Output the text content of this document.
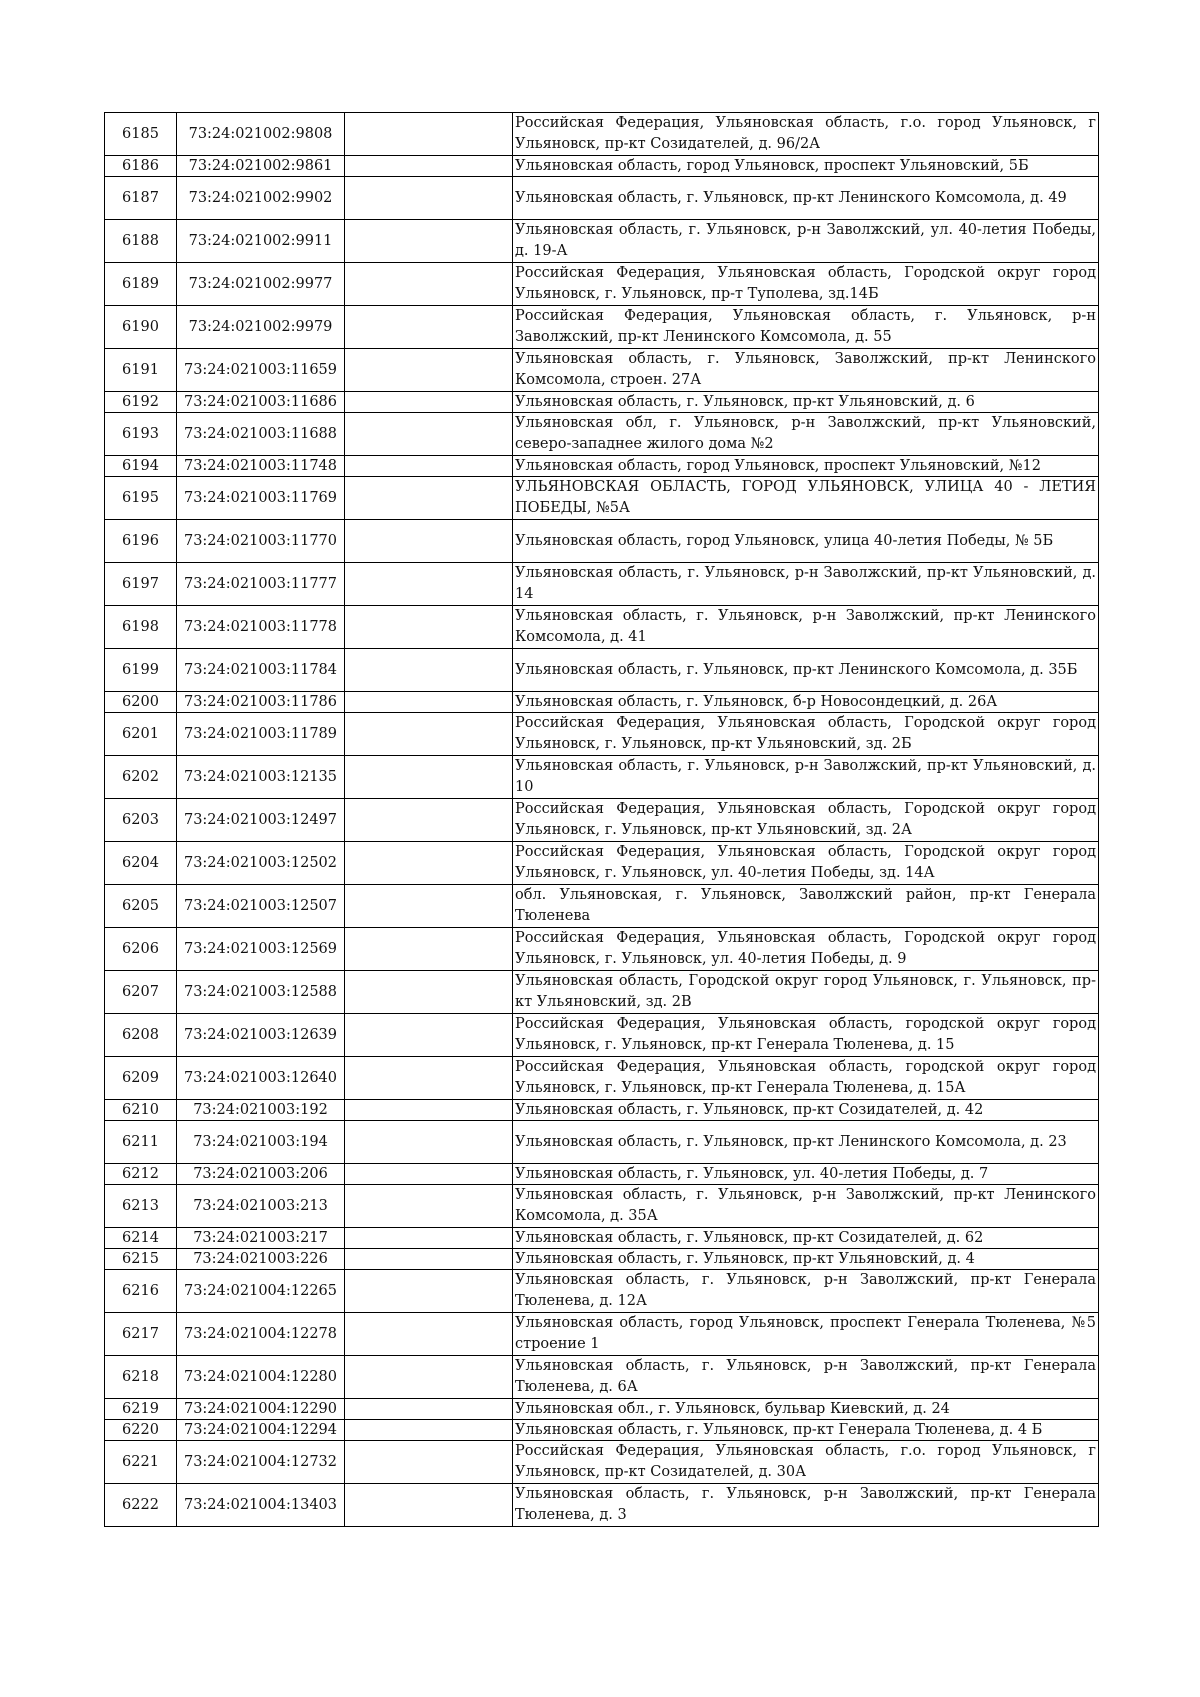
6185	73:24:021002:9808		Российская Федерация, Ульяновская область, г.о. город Ульяновск, г Ульяновск, пр-кт Созидателей, д. 96/2А
6186	73:24:021002:9861		Ульяновская область, город Ульяновск, проспект Ульяновский, 5Б
6187	73:24:021002:9902		Ульяновская область, г. Ульяновск, пр-кт Ленинского Комсомола, д. 49
6188	73:24:021002:9911		Ульяновская область, г. Ульяновск, р-н Заволжский, ул. 40-летия Победы, д. 19-А
6189	73:24:021002:9977		Российская Федерация, Ульяновская область, Городской округ город Ульяновск, г. Ульяновск, пр-т Туполева, зд.14Б
6190	73:24:021002:9979		Российская Федерация, Ульяновская область, г. Ульяновск, р-н Заволжский, пр-кт Ленинского Комсомола, д. 55
6191	73:24:021003:11659		Ульяновская область, г. Ульяновск, Заволжский, пр-кт Ленинского Комсомола, строен. 27А
6192	73:24:021003:11686		Ульяновская область, г. Ульяновск, пр-кт Ульяновский, д. 6
6193	73:24:021003:11688		Ульяновская обл, г. Ульяновск, р-н Заволжский, пр-кт Ульяновский, северо-западнее жилого дома №2
6194	73:24:021003:11748		Ульяновская область, город Ульяновск, проспект Ульяновский, №12
6195	73:24:021003:11769		УЛЬЯНОВСКАЯ ОБЛАСТЬ, ГОРОД УЛЬЯНОВСК, УЛИЦА 40 - ЛЕТИЯ ПОБЕДЫ, №5А
6196	73:24:021003:11770		Ульяновская область, город Ульяновск, улица 40-летия Победы, № 5Б
6197	73:24:021003:11777		Ульяновская область, г. Ульяновск, р-н Заволжский, пр-кт Ульяновский, д. 14
6198	73:24:021003:11778		Ульяновская область, г. Ульяновск, р-н Заволжский, пр-кт Ленинского Комсомола, д. 41
6199	73:24:021003:11784		Ульяновская область, г. Ульяновск, пр-кт Ленинского Комсомола, д. 35Б
6200	73:24:021003:11786		Ульяновская область, г. Ульяновск, б-р Новосондецкий, д. 26А
6201	73:24:021003:11789		Российская Федерация, Ульяновская область, Городской округ город Ульяновск, г. Ульяновск, пр-кт Ульяновский, зд. 2Б
6202	73:24:021003:12135		Ульяновская область, г. Ульяновск, р-н Заволжский, пр-кт Ульяновский, д. 10
6203	73:24:021003:12497		Российская Федерация, Ульяновская область, Городской округ город Ульяновск, г. Ульяновск, пр-кт Ульяновский, зд. 2А
6204	73:24:021003:12502		Российская Федерация, Ульяновская область, Городской округ город Ульяновск, г. Ульяновск, ул. 40-летия Победы, зд. 14А
6205	73:24:021003:12507		обл. Ульяновская, г. Ульяновск, Заволжский район, пр-кт Генерала Тюленева
6206	73:24:021003:12569		Российская Федерация, Ульяновская область, Городской округ город Ульяновск, г. Ульяновск, ул. 40-летия Победы, д. 9
6207	73:24:021003:12588		Ульяновская область, Городской округ город Ульяновск, г. Ульяновск, пр-кт Ульяновский, зд. 2В
6208	73:24:021003:12639		Российская Федерация, Ульяновская область, городской округ город Ульяновск, г. Ульяновск, пр-кт Генерала Тюленева, д. 15
6209	73:24:021003:12640		Российская Федерация, Ульяновская область, городской округ город Ульяновск, г. Ульяновск, пр-кт Генерала Тюленева, д. 15А
6210	73:24:021003:192		Ульяновская область, г. Ульяновск, пр-кт Созидателей, д. 42
6211	73:24:021003:194		Ульяновская область, г. Ульяновск, пр-кт Ленинского Комсомола, д. 23
6212	73:24:021003:206		Ульяновская область, г. Ульяновск, ул. 40-летия Победы, д. 7
6213	73:24:021003:213		Ульяновская область, г. Ульяновск, р-н Заволжский, пр-кт Ленинского Комсомола, д. 35А
6214	73:24:021003:217		Ульяновская область, г. Ульяновск, пр-кт Созидателей, д. 62
6215	73:24:021003:226		Ульяновская область, г. Ульяновск, пр-кт Ульяновский, д. 4
6216	73:24:021004:12265		Ульяновская область, г. Ульяновск, р-н Заволжский, пр-кт Генерала Тюленева, д. 12А
6217	73:24:021004:12278		Ульяновская область, город Ульяновск, проспект Генерала Тюленева, №5 строение 1
6218	73:24:021004:12280		Ульяновская область, г. Ульяновск, р-н Заволжский, пр-кт Генерала Тюленева, д. 6А
6219	73:24:021004:12290		Ульяновская обл., г. Ульяновск, бульвар Киевский, д. 24
6220	73:24:021004:12294		Ульяновская область, г. Ульяновск, пр-кт Генерала Тюленева, д. 4 Б
6221	73:24:021004:12732		Российская Федерация, Ульяновская область, г.о. город Ульяновск, г Ульяновск, пр-кт Созидателей, д. 30А
6222	73:24:021004:13403		Ульяновская область, г. Ульяновск, р-н Заволжский, пр-кт Генерала Тюленева, д. 3
